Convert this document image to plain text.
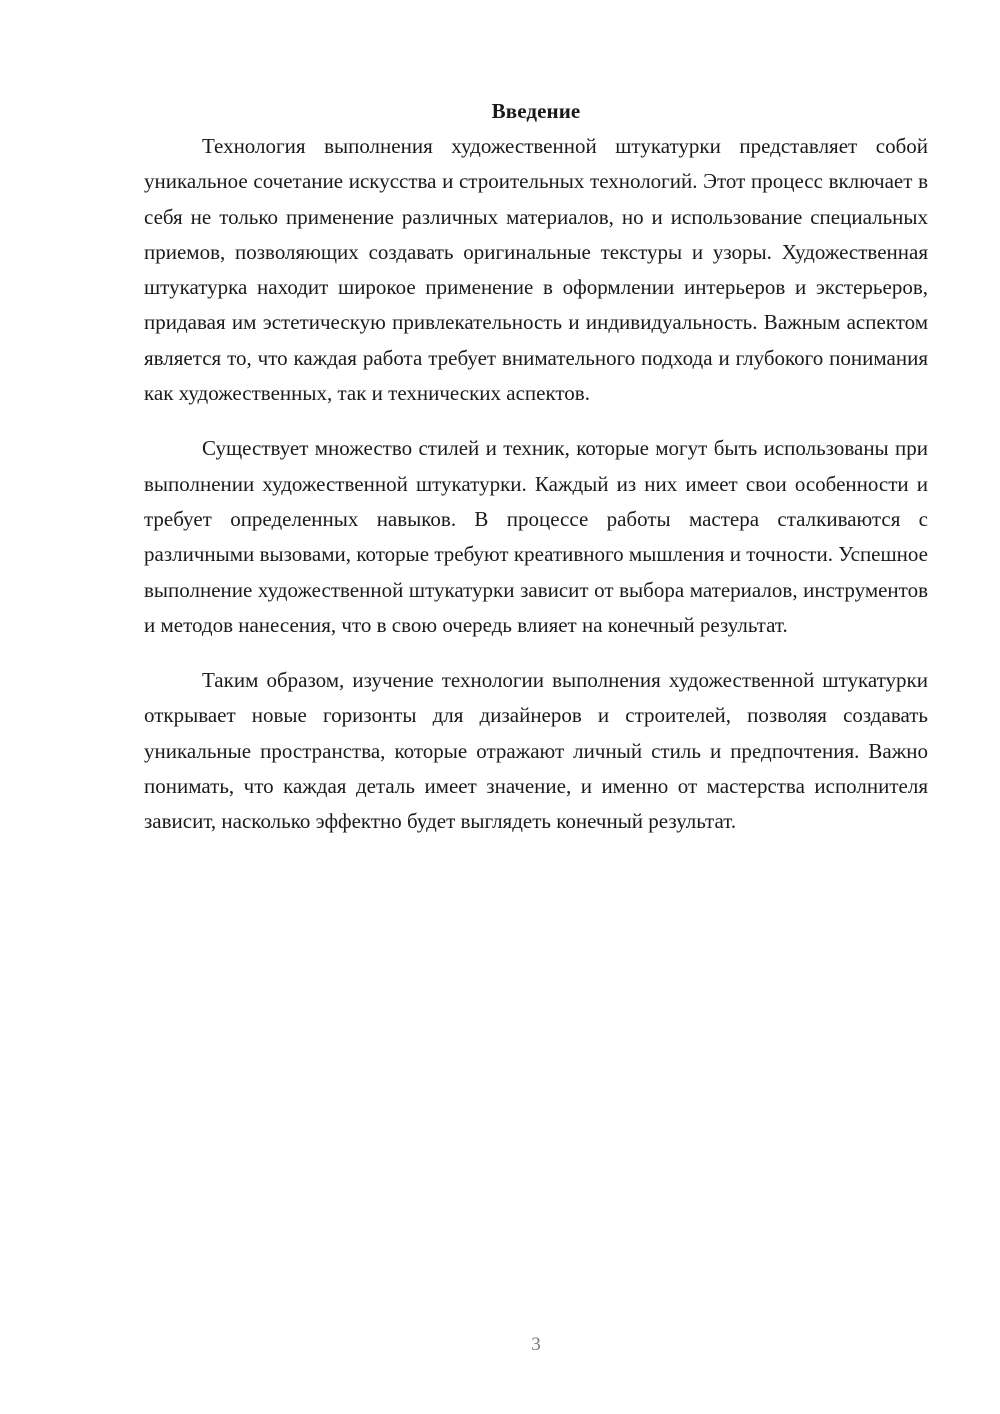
Введение

Технология выполнения художественной штукатурки представляет собой уникальное сочетание искусства и строительных технологий. Этот процесс включает в себя не только применение различных материалов, но и использование специальных приемов, позволяющих создавать оригинальные текстуры и узоры. Художественная штукатурка находит широкое применение в оформлении интерьеров и экстерьеров, придавая им эстетическую привлекательность и индивидуальность. Важным аспектом является то, что каждая работа требует внимательного подхода и глубокого понимания как художественных, так и технических аспектов.

Существует множество стилей и техник, которые могут быть использованы при выполнении художественной штукатурки. Каждый из них имеет свои особенности и требует определенных навыков. В процессе работы мастера сталкиваются с различными вызовами, которые требуют креативного мышления и точности. Успешное выполнение художественной штукатурки зависит от выбора материалов, инструментов и методов нанесения, что в свою очередь влияет на конечный результат.

Таким образом, изучение технологии выполнения художественной штукатурки открывает новые горизонты для дизайнеров и строителей, позволяя создавать уникальные пространства, которые отражают личный стиль и предпочтения. Важно понимать, что каждая деталь имеет значение, и именно от мастерства исполнителя зависит, насколько эффектно будет выглядеть конечный результат.

3
